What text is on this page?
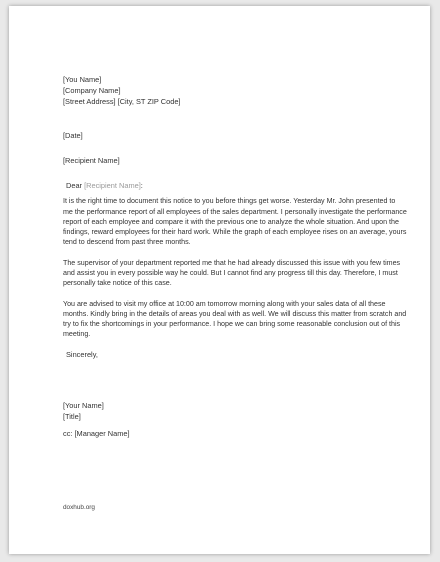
[You Name]
[Company Name]
[Street Address] [City, ST ZIP Code]
[Date]
[Recipient Name]
Dear [Recipient Name]:

It is the right time to document this notice to you before things get worse. Yesterday Mr. John presented to me the performance report of all employees of the sales department. I personally investigate the performance report of each employee and compare it with the previous one to analyze the whole situation. And upon the findings, reward employees for their hard work. While the graph of each employee rises on an average, yours tend to descend from past three months.

The supervisor of your department reported me that he had already discussed this issue with you few times and assist you in every possible way he could. But I cannot find any progress till this day. Therefore, I must personally take notice of this case.

You are advised to visit my office at 10:00 am tomorrow morning along with your sales data of all these months. Kindly bring in the details of areas you deal with as well. We will discuss this matter from scratch and try to fix the shortcomings in your performance. I hope we can bring some reasonable conclusion out of this meeting.

Sincerely,
[Your Name]
[Title]
cc: [Manager Name]
doxhub.org
